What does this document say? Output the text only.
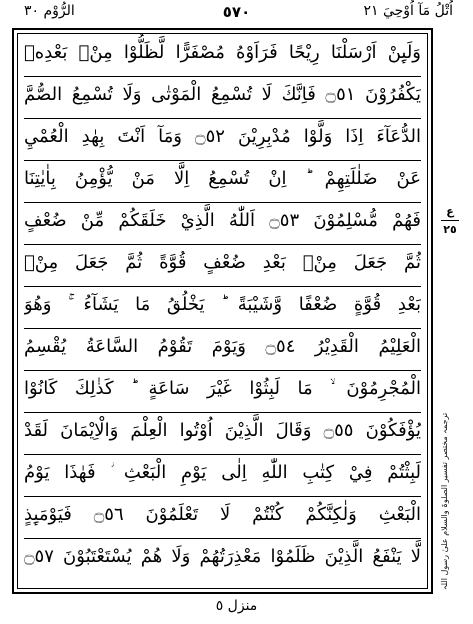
اُتْلُ مَآ اُوْحِيَ ٢١
٥٧٠
الرُّوْم ٣٠
وَلَىِٕنْ اَرْسَلْنَا رِيْحًا فَرَاَوْهُ مُصْفَرًّا لَّظَلُّوْا مِنْۢ بَعْدِهٖ
يَكْفُرُوْنَ ۝٥١ فَاِنَّكَ لَا تُسْمِعُ الْمَوْتٰى وَلَا تُسْمِعُ الصُّمَّ
الدُّعَآءَ اِذَا وَلَّوْا مُدْبِرِيْنَ ۝٥٢ وَمَآ اَنْتَ بِهٰدِ الْعُمْيِ
عَنْ ضَلٰلَتِهِمْ ؕ اِنْ تُسْمِعُ اِلَّا مَنْ يُّؤْمِنُ بِاٰيٰتِنَا
فَهُمْ مُّسْلِمُوْنَ ۝٥٣ اَللّٰهُ الَّذِيْ خَلَقَكُمْ مِّنْ ضُعْفٍ
ثُمَّ جَعَلَ مِنْۢ بَعْدِ ضُعْفٍ قُوَّةً ثُمَّ جَعَلَ مِنْۢ
بَعْدِ قُوَّةٍ ضُعْفًا وَّشَيْبَةً ؕ يَخْلُقُ مَا يَشَآءُ ۚ وَهُوَ
الْعَلِيْمُ الْقَدِيْرُ ۝٥٤ وَيَوْمَ تَقُوْمُ السَّاعَةُ يُقْسِمُ
الْمُجْرِمُوْنَ ۙ مَا لَبِثُوْا غَيْرَ سَاعَةٍ ؕ كَذٰلِكَ كَانُوْا
يُؤْفَكُوْنَ ۝٥٥ وَقَالَ الَّذِيْنَ اُوْتُوا الْعِلْمَ وَالْاِيْمَانَ لَقَدْ
لَبِثْتُمْ فِيْ كِتٰبِ اللّٰهِ اِلٰى يَوْمِ الْبَعْثِ ؗ فَهٰذَا يَوْمُ
الْبَعْثِ وَلٰكِنَّكُمْ كُنْتُمْ لَا تَعْلَمُوْنَ ۝٥٦ فَيَوْمَىِٕذٍ
لَّا يَنْفَعُ الَّذِيْنَ ظَلَمُوْا مَعْذِرَتُهُمْ وَلَا هُمْ يُسْتَعْتَبُوْنَ ۝٥٧
ع
٢٥
ترجمہ مختصر تفسیر الصلوۃ والسلام علیٰ رسول اللہ
منزل ٥
